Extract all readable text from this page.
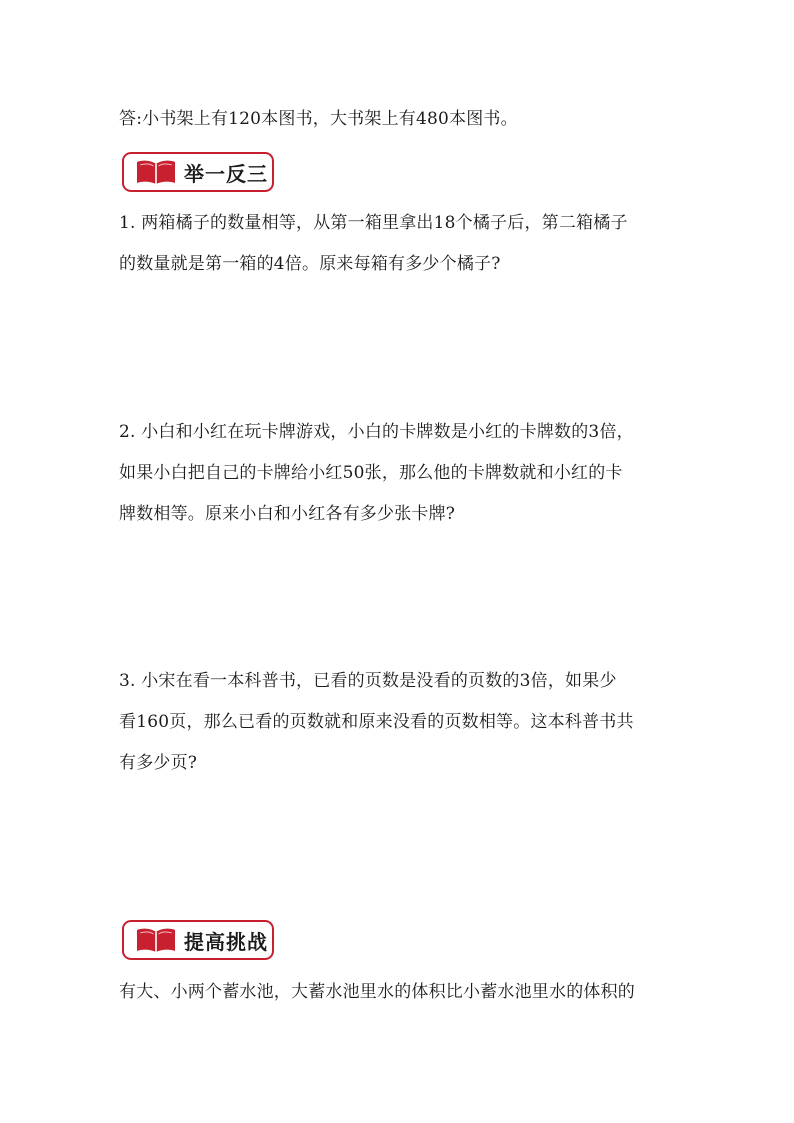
答:小书架上有120本图书，大书架上有480本图书。
举一反三
1. 两箱橘子的数量相等，从第一箱里拿出18个橘子后，第二箱橘子
的数量就是第一箱的4倍。原来每箱有多少个橘子?
2. 小白和小红在玩卡牌游戏，小白的卡牌数是小红的卡牌数的3倍，
如果小白把自己的卡牌给小红50张，那么他的卡牌数就和小红的卡
牌数相等。原来小白和小红各有多少张卡牌?
3. 小宋在看一本科普书，已看的页数是没看的页数的3倍，如果少
看160页，那么已看的页数就和原来没看的页数相等。这本科普书共
有多少页?
提高挑战
有大、小两个蓄水池，大蓄水池里水的体积比小蓄水池里水的体积的
